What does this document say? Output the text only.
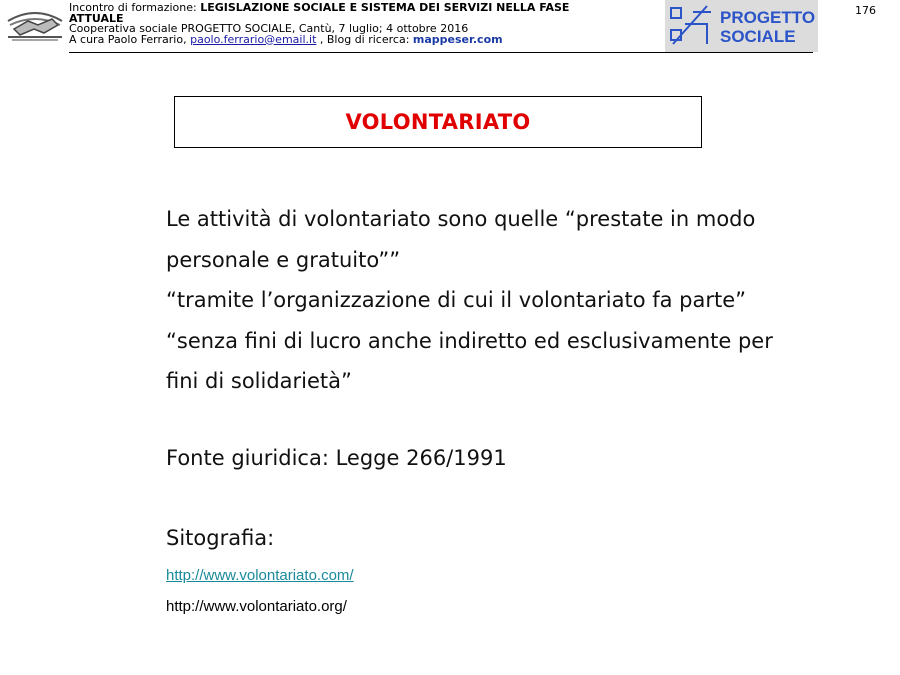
Incontro di formazione: LEGISLAZIONE SOCIALE E SISTEMA DEI SERVIZI NELLA FASE
ATTUALE
Cooperativa sociale PROGETTO SOCIALE, Cantù, 7 luglio; 4 ottobre 2016
A cura Paolo Ferrario, paolo.ferrario@email.it , Blog di ricerca: mappeser.com
PROGETTO
SOCIALE
176
VOLONTARIATO

Le attività di volontariato sono quelle “prestate in modo

personale e gratuito””

“tramite l’organizzazione di cui il volontariato fa parte”

“senza fini di lucro anche indiretto ed esclusivamente per

fini di solidarietà”

Fonte giuridica: Legge 266/1991
Sitografia:
http://www.volontariato.com/
http://www.volontariato.org/
